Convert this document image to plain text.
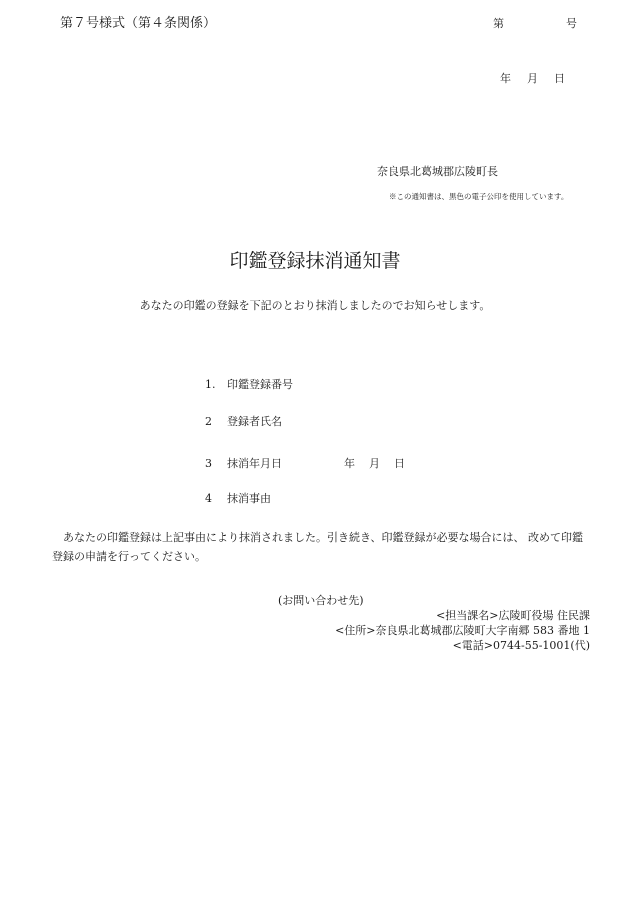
第７号様式（第４条関係）	第	号
年 月 日
奈良県北葛城郡広陵町長
※この通知書は、黒色の電子公印を使用しています。
印鑑登録抹消通知書
あなたの印鑑の登録を下記のとおり抹消しましたのでお知らせします。
1. 印鑑登録番号
2 登録者氏名
3 抹消年月日	年 月 日
4 抹消事由
あなたの印鑑登録は上記事由により抹消されました。引き続き、印鑑登録が必要な場合には、 改めて印鑑登録の申請を行ってください。
(お問い合わせ先)
<担当課名>広陵町役場 住民課
<住所>奈良県北葛城郡広陵町大字南郷 583 番地 1
<電話>0744-55-1001(代)
